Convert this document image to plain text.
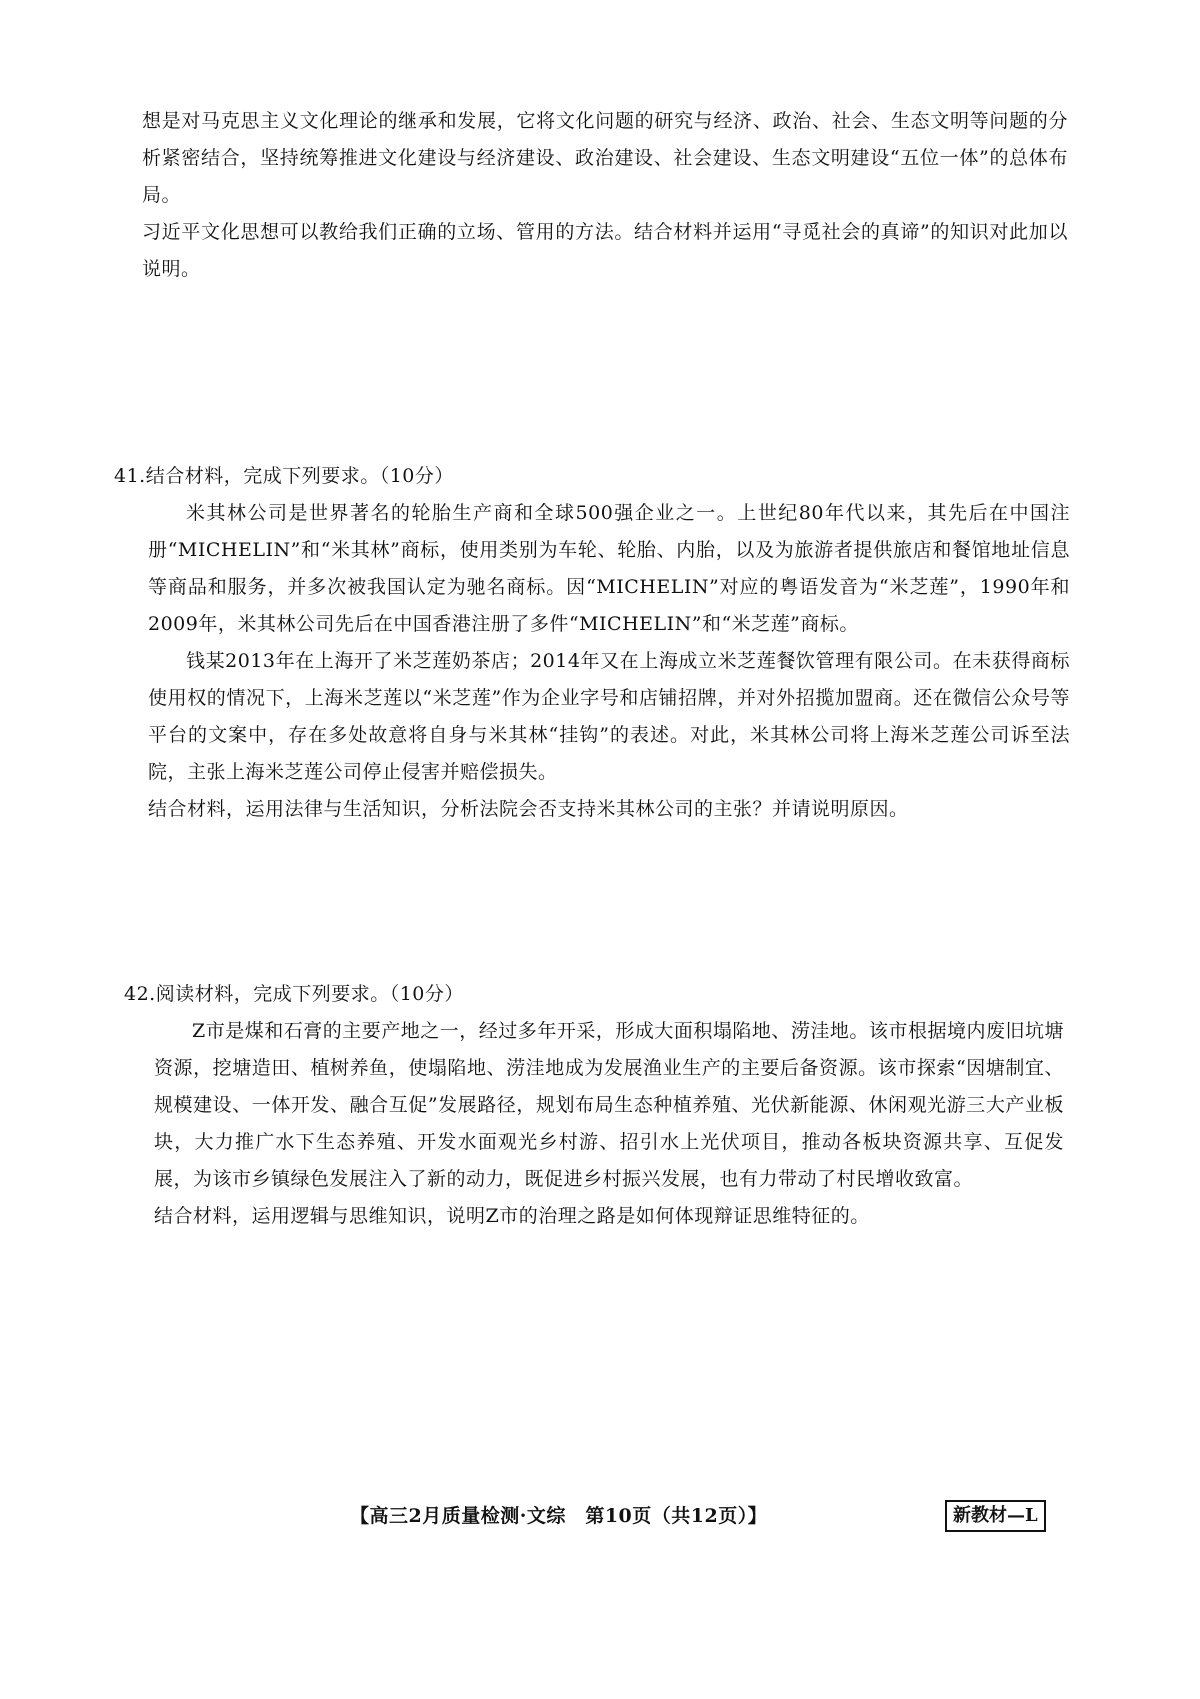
想是对马克思主义文化理论的继承和发展，它将文化问题的研究与经济、政治、社会、生态文明等问题的分析紧密结合，坚持统筹推进文化建设与经济建设、政治建设、社会建设、生态文明建设“五位一体”的总体布局。

习近平文化思想可以教给我们正确的立场、管用的方法。结合材料并运用“寻觅社会的真谛”的知识对此加以说明。

41.结合材料，完成下列要求。（10分）

米其林公司是世界著名的轮胎生产商和全球500强企业之一。上世纪80年代以来，其先后在中国注册“MICHELIN”和“米其林”商标，使用类别为车轮、轮胎、内胎，以及为旅游者提供旅店和餐馆地址信息等商品和服务，并多次被我国认定为驰名商标。因“MICHELIN”对应的粤语发音为“米芝莲”，1990年和2009年，米其林公司先后在中国香港注册了多件“MICHELIN”和“米芝莲”商标。

钱某2013年在上海开了米芝莲奶茶店；2014年又在上海成立米芝莲餐饮管理有限公司。在未获得商标使用权的情况下，上海米芝莲以“米芝莲”作为企业字号和店铺招牌，并对外招揽加盟商。还在微信公众号等平台的文案中，存在多处故意将自身与米其林“挂钩”的表述。对此，米其林公司将上海米芝莲公司诉至法院，主张上海米芝莲公司停止侵害并赔偿损失。

结合材料，运用法律与生活知识，分析法院会否支持米其林公司的主张？并请说明原因。

42.阅读材料，完成下列要求。（10分）

Z市是煤和石膏的主要产地之一，经过多年开采，形成大面积塌陷地、涝洼地。该市根据境内废旧坑塘资源，挖塘造田、植树养鱼，使塌陷地、涝洼地成为发展渔业生产的主要后备资源。该市探索“因塘制宜、规模建设、一体开发、融合互促”发展路径，规划布局生态种植养殖、光伏新能源、休闲观光游三大产业板块，大力推广水下生态养殖、开发水面观光乡村游、招引水上光伏项目，推动各板块资源共享、互促发展，为该市乡镇绿色发展注入了新的动力，既促进乡村振兴发展，也有力带动了村民增收致富。

结合材料，运用逻辑与思维知识，说明Z市的治理之路是如何体现辩证思维特征的。

【高三2月质量检测·文综　第10页（共12页）】	新教材—L
